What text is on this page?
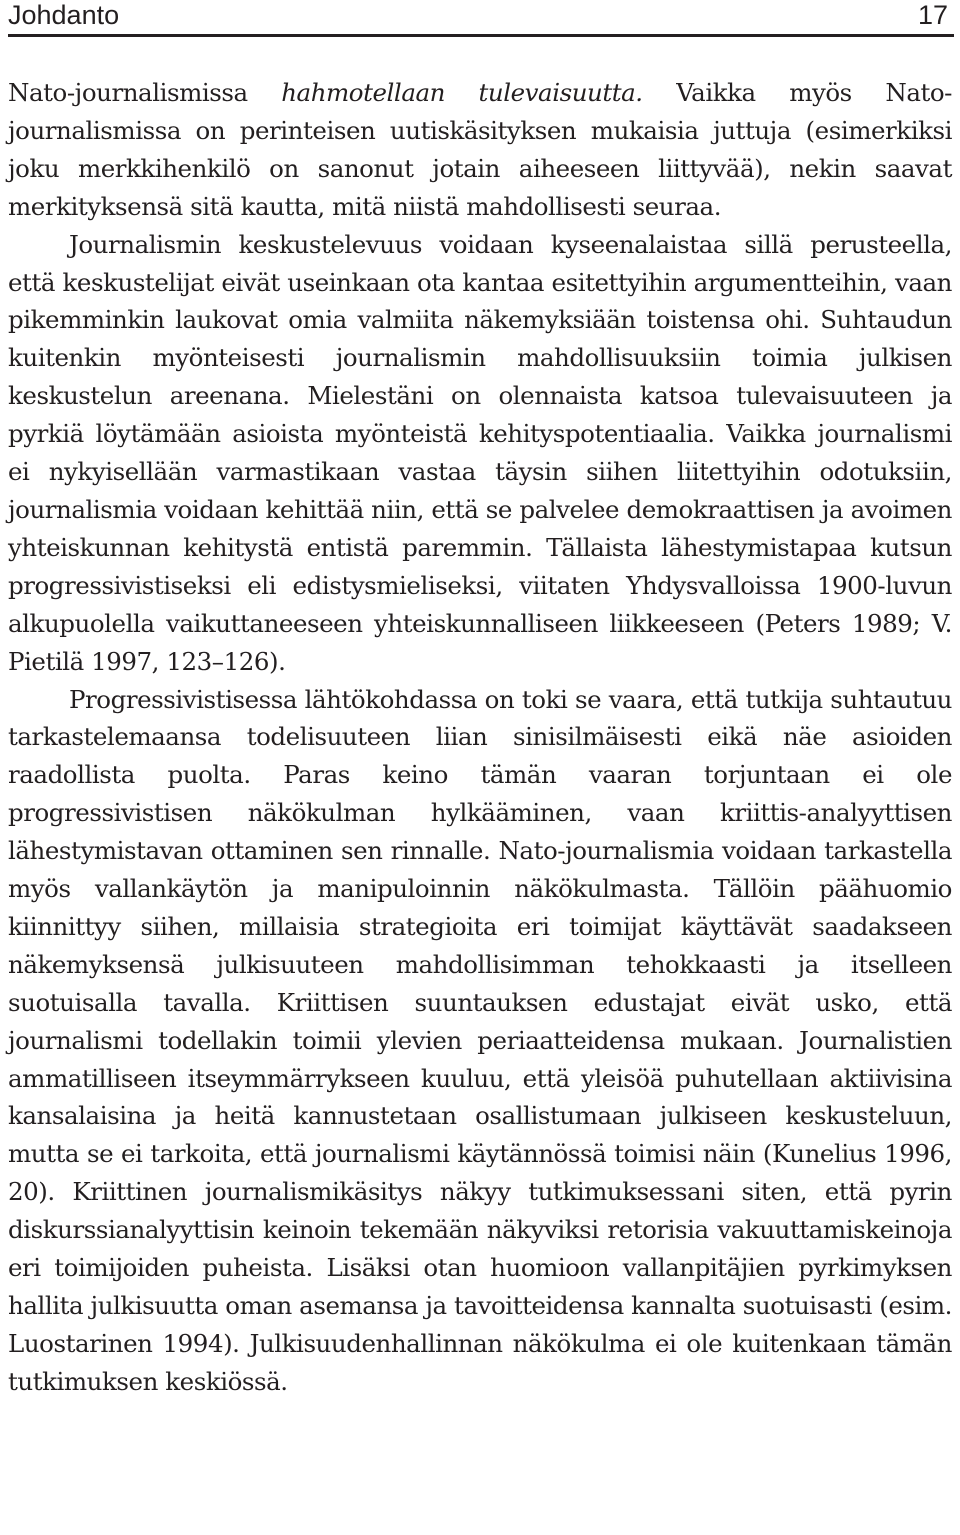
Johdanto	17

Nato-journalismissa hahmotellaan tulevaisuutta. Vaikka myös Nato-journalismissa on perinteisen uutiskäsityksen mukaisia juttuja (esimerkiksi joku merkkihenkilö on sanonut jotain aiheeseen liittyvää), nekin saavat merkityksensä sitä kautta, mitä niistä mahdollisesti seuraa.

Journalismin keskustelevuus voidaan kyseenalaistaa sillä perusteella, että keskustelijat eivät useinkaan ota kantaa esitettyihin argumentteihin, vaan pikemminkin laukovat omia valmiita näkemyksiään toistensa ohi. Suhtaudun kuitenkin myönteisesti journalismin mahdollisuuksiin toimia julkisen keskustelun areenana. Mielestäni on olennaista katsoa tulevaisuuteen ja pyrkiä löytämään asioista myönteistä kehityspotentiaalia. Vaikka journalismi ei nykyisellään varmastikaan vastaa täysin siihen liitettyihin odotuksiin, journalismia voidaan kehittää niin, että se palvelee demokraattisen ja avoimen yhteiskunnan kehitystä entistä paremmin. Tällaista lähestymistapaa kutsun progressivistiseksi eli edistysmieliseksi, viitaten Yhdysvalloissa 1900-luvun alkupuolella vaikuttaneeseen yhteiskunnalliseen liikkeeseen (Peters 1989; V. Pietilä 1997, 123–126).

Progressivistisessa lähtökohdassa on toki se vaara, että tutkija suhtautuu tarkastelemaansa todelisuuteen liian sinisilmäisesti eikä näe asioiden raadollista puolta. Paras keino tämän vaaran torjuntaan ei ole progressivistisen näkökulman hylkääminen, vaan kriittis-analyyttisen lähestymistavan ottaminen sen rinnalle. Nato-journalismia voidaan tarkastella myös vallankäytön ja manipuloinnin näkökulmasta. Tällöin päähuomio kiinnittyy siihen, millaisia strategioita eri toimijat käyttävät saadakseen näkemyksensä julkisuuteen mahdollisimman tehokkaasti ja itselleen suotuisalla tavalla. Kriittisen suuntauksen edustajat eivät usko, että journalismi todellakin toimii ylevien periaatteidensa mukaan. Journalistien ammatilliseen itseymmärrykseen kuuluu, että yleisöä puhutellaan aktiivisina kansalaisina ja heitä kannustetaan osallistumaan julkiseen keskusteluun, mutta se ei tarkoita, että journalismi käytännössä toimisi näin (Kunelius 1996, 20). Kriittinen journalismikäsitys näkyy tutkimuksessani siten, että pyrin diskurssianalyyttisin keinoin tekemään näkyviksi retorisia vakuuttamiskeinoja eri toimijoiden puheista. Lisäksi otan huomioon vallanpitäjien pyrkimyksen hallita julkisuutta oman asemansa ja tavoitteidensa kannalta suotuisasti (esim. Luostarinen 1994). Julkisuudenhallinnan näkökulma ei ole kuitenkaan tämän tutkimuksen keskiössä.
